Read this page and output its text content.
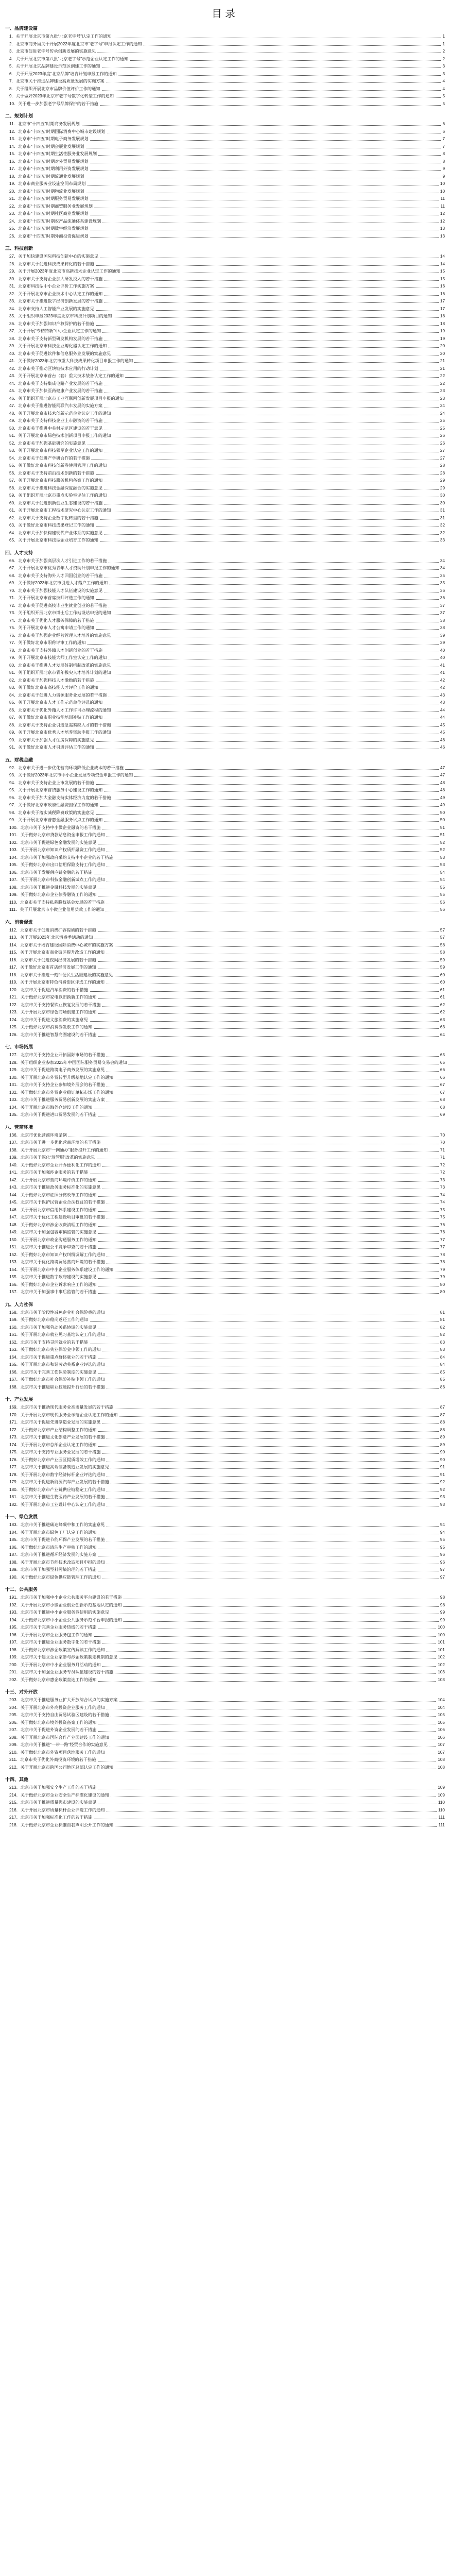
目录
一、品牌建设篇
1．关于开展北京市第九批“北京老字号”认定工作的通知	1
2．北京市商务局关于开展2022年度北京市“老字号”申报认定工作的通知	1
3．北京市促进老字号传承创新发展的实施意见	2
4．关于开展北京市第八批“北京老字号”示范企业认定工作的通知	2
5．关于开展北京品牌建设示范区创建工作的通知	3
6．关于开展2023年度“北京品牌”培育计划申报工作的通知	3
7．北京市关于推进品牌建设高质量发展的实施方案	4
8．关于组织开展北京市品牌价值评价工作的通知	4
9．关于做好2023年北京市老字号数字化转型工作的通知	5
10．关于进一步加强老字号品牌保护的若干措施	5
二、规划计划
11．北京市“十四五”时期商务发展规划	6
12．北京市“十四五”时期国际消费中心城市建设规划	6
13．北京市“十四五”时期电子商务发展规划	7
14．北京市“十四五”时期会展业发展规划	7
15．北京市“十四五”时期生活性服务业发展规划	8
16．北京市“十四五”时期对外贸易发展规划	8
17．北京市“十四五”时期利用外资发展规划	9
18．北京市“十四五”时期流通业发展规划	9
19．北京市商业服务业设施空间布局规划	10
20．北京市“十四五”时期物流业发展规划	10
21．北京市“十四五”时期服务贸易发展规划	11
22．北京市“十四五”时期商贸服务业发展规划	11
23．北京市“十四五”时期社区商业发展规划	12
24．北京市“十四五”时期农产品流通体系建设规划	12
25．北京市“十四五”时期数字经济发展规划	13
26．北京市“十四五”时期外商投资促进规划	13
三、科技创新
27．关于加快建设国际科技创新中心的实施意见	14
28．北京市关于促进科技成果转化的若干措施	14
29．关于开展2023年度北京市高新技术企业认定工作的通知	15
30．北京市关于支持企业加大研发投入的若干措施	15
31．北京市科技型中小企业评价工作实施方案	16
32．关于开展北京市企业技术中心认定工作的通知	16
33．北京市关于推进数字经济创新发展的若干措施	17
34．北京市支持人工智能产业发展的实施意见	17
35．关于组织申报2023年度北京市科技计划项目的通知	18
36．北京市关于加强知识产权保护的若干措施	18
37．关于开展“专精特新”中小企业认定工作的通知	19
38．北京市关于支持新型研发机构发展的若干措施	19
39．关于开展北京市科技企业孵化器认定工作的通知	20
40．北京市关于促进软件和信息服务业发展的实施意见	20
41．关于做好2023年北京市重大科技成果转化项目申报工作的通知	21
42．北京市关于推动区块链技术应用的行动计划	21
43．关于开展北京市首台（套）重大技术装备认定工作的通知	22
44．北京市关于支持集成电路产业发展的若干措施	22
45．北京市关于加快医药健康产业发展的若干措施	23
46．关于组织开展北京市工业互联网创新发展项目申报的通知	23
47．北京市关于推进智能网联汽车发展的实施方案	24
48．关于开展北京市技术创新示范企业认定工作的通知	24
49．北京市关于支持科技企业上市融资的若干措施	25
50．北京市关于推进中关村示范区建设的若干意见	25
51．关于开展北京市绿色技术创新项目申报工作的通知	26
52．北京市关于加强基础研究的实施意见	26
53．关于开展北京市科技领军企业认定工作的通知	27
54．北京市关于促进产学研合作的若干措施	27
55．关于做好北京市科技创新券使用管理工作的通知	28
56．北京市关于支持前沿技术创新的若干措施	28
57．关于开展北京市科技服务机构备案工作的通知	29
58．北京市关于推进科技金融深度融合的实施意见	29
59．关于组织开展北京市重点实验室评估工作的通知	30
60．北京市关于促进创新创业生态建设的若干措施	30
61．关于开展北京市工程技术研究中心认定工作的通知	31
62．北京市关于支持企业数字化转型的若干措施	31
63．关于做好北京市科技成果登记工作的通知	32
64．北京市关于加快构建现代产业体系的实施意见	32
65．关于开展北京市科技型企业培育工作的通知	33
四、人才支持
66．北京市关于加强高层次人才引进工作的若干措施	34
67．关于开展北京市优秀青年人才资助计划申报工作的通知	34
68．北京市关于支持海外人才回国创业的若干措施	35
69．关于做好2023年北京市引进人才落户工作的通知	35
70．北京市关于加强技能人才队伍建设的实施意见	36
71．关于开展北京市首席技师评选工作的通知	36
72．北京市关于促进高校毕业生就业创业的若干措施	37
73．关于组织开展北京市博士后工作站设站申报的通知	37
74．北京市关于优化人才服务保障的若干措施	38
75．关于开展北京市人才公寓申请工作的通知	38
76．北京市关于加强企业经营管理人才培养的实施意见	39
77．关于做好北京市职称评审工作的通知	39
78．北京市关于支持外籍人才创新创业的若干措施	40
79．关于开展北京市技能大师工作室认定工作的通知	40
80．北京市关于推进人才发展体制机制改革的实施意见	41
81．关于组织开展北京市青年拔尖人才培养计划的通知	41
82．北京市关于加强科技人才激励的若干措施	42
83．关于做好北京市高技能人才评价工作的通知	42
84．北京市关于促进人力资源服务业发展的若干措施	43
85．关于开展北京市人才工作示范单位评选的通知	43
86．北京市关于优化外籍人才工作许可办理流程的通知	44
87．关于做好北京市职业技能培训补贴工作的通知	44
88．北京市关于支持企业引进急需紧缺人才的若干措施	45
89．关于开展北京市优秀人才培养资助申报工作的通知	45
90．北京市关于加强人才住房保障的实施意见	46
91．关于做好北京市人才引进评估工作的通知	46
五、财税金融
92．北京市关于进一步优化营商环境降低企业成本的若干措施	47
93．关于做好2023年北京市中小企业发展专项资金申报工作的通知	47
94．北京市关于支持企业上市发展的若干措施	48
95．关于开展北京市首贷服务中心建设工作的通知	48
96．北京市关于加大金融支持实体经济力度的若干措施	49
97．关于做好北京市政府性融资担保工作的通知	49
98．北京市关于落实减税降费政策的实施意见	50
99．关于开展北京市普惠金融服务试点工作的通知	50
100．北京市关于支持中小微企业融资的若干措施	51
101．关于做好北京市贷款贴息资金申报工作的通知	51
102．北京市关于促进绿色金融发展的实施意见	52
103．关于开展北京市知识产权质押融资工作的通知	52
104．北京市关于加强政府采购支持中小企业的若干措施	53
105．关于做好北京市出口信用保险支持工作的通知	53
106．北京市关于发展供应链金融的若干措施	54
107．关于开展北京市科技金融创新试点工作的通知	54
108．北京市关于推进金融科技发展的实施意见	55
109．关于做好北京市企业债券融资工作的通知	55
110．北京市关于支持私募股权基金发展的若干措施	56
111．关于开展北京市小微企业信用贷款工作的通知	56
六、消费促进
112．北京市关于促进消费扩容提质的若干措施	57
113．关于开展2023年北京消费季活动的通知	57
114．北京市关于培育建设国际消费中心城市的实施方案	58
115．关于开展北京市商业街区提升改造工作的通知	58
116．北京市关于促进夜间经济发展的若干措施	59
117．关于做好北京市首店经济发展工作的通知	59
118．北京市关于推进一刻钟便民生活圈建设的实施意见	60
119．关于开展北京市特色消费街区评选工作的通知	60
120．北京市关于促进汽车消费的若干措施	61
121．关于做好北京市家电以旧换新工作的通知	61
122．北京市关于支持餐饮业恢复发展的若干措施	62
123．关于开展北京市绿色商场创建工作的通知	62
124．北京市关于促进文旅消费的实施意见	63
125．关于做好北京市消费券发放工作的通知	63
126．北京市关于推进智慧商圈建设的若干措施	64
七、市场拓展
127．北京市关于支持企业开拓国际市场的若干措施	65
128．关于组织企业参加2023年中国国际服务贸易交易会的通知	65
129．北京市关于促进跨境电子商务发展的实施意见	66
130．关于开展北京市外贸转型升级基地认定工作的通知	66
131．北京市关于支持企业参加境外展会的若干措施	67
132．关于做好北京市外贸企业稳订单拓市场工作的通知	67
133．北京市关于推进服务贸易创新发展的实施方案	68
134．关于开展北京市海外仓建设工作的通知	68
135．北京市关于促进进口贸易发展的若干措施	69
八、营商环境
136．北京市优化营商环境条例	70
137．北京市关于进一步优化营商环境的若干措施	70
138．关于开展北京市“一网通办”服务提升工作的通知	71
139．北京市关于深化“放管服”改革的实施意见	71
140．关于做好北京市企业开办便利化工作的通知	72
141．北京市关于加强涉企服务的若干措施	72
142．关于开展北京市营商环境评价工作的通知	73
143．北京市关于推进政务服务标准化的实施意见	73
144．关于做好北京市证照分离改革工作的通知	74
145．北京市关于保护民营企业合法权益的若干措施	74
146．关于开展北京市信用体系建设工作的通知	75
147．北京市关于优化工程建设项目审批的若干措施	75
148．关于做好北京市涉企收费清理工作的通知	76
149．北京市关于加强包容审慎监管的实施意见	76
150．关于开展北京市政企沟通服务工作的通知	77
151．北京市关于推进公平竞争审查的若干措施	77
152．关于做好北京市知识产权纠纷调解工作的通知	78
153．北京市关于优化跨境贸易营商环境的若干措施	78
154．关于开展北京市中小企业服务体系建设工作的通知	79
155．北京市关于推进数字政府建设的实施意见	79
156．关于做好北京市企业诉求响应工作的通知	80
157．北京市关于加强事中事后监管的若干措施	80
九、人力社保
158．北京市关于阶段性减免企业社会保险费的通知	81
159．关于做好北京市稳岗返还工作的通知	81
160．北京市关于加强劳动关系协调的实施意见	82
161．关于开展北京市就业见习基地认定工作的通知	82
162．北京市关于支持灵活就业的若干措施	83
163．关于做好北京市失业保险金申领工作的通知	83
164．北京市关于促进重点群体就业的若干措施	84
165．关于开展北京市和谐劳动关系企业评选的通知	84
166．北京市关于完善工伤保险制度的实施意见	85
167．关于做好北京市社会保险补贴申领工作的通知	85
168．北京市关于推进职业技能提升行动的若干措施	86
十、产业发展
169．北京市关于推动现代服务业高质量发展的若干措施	87
170．关于开展北京市现代服务业示范企业认定工作的通知	87
171．北京市关于促进先进制造业发展的实施意见	88
172．关于做好北京市产业结构调整工作的通知	88
173．北京市关于推进文化创意产业发展的若干措施	89
174．关于开展北京市总部企业认定工作的通知	89
175．北京市关于支持专业服务业发展的若干措施	90
176．关于做好北京市产业园区提质增效工作的通知	90
177．北京市关于推进高端装备制造业发展的实施意见	91
178．关于开展北京市数字经济标杆企业评选的通知	91
179．北京市关于促进新能源汽车产业发展的若干措施	92
180．关于做好北京市产业链供应链稳定工作的通知	92
181．北京市关于推进生物医药产业发展的若干措施	93
182．关于开展北京市工业设计中心认定工作的通知	93
十一、绿色发展
183．北京市关于推进碳达峰碳中和工作的实施意见	94
184．关于开展北京市绿色工厂认定工作的通知	94
185．北京市关于促进节能环保产业发展的若干措施	95
186．关于做好北京市清洁生产审核工作的通知	95
187．北京市关于推进循环经济发展的实施方案	96
188．关于开展北京市节能技术改造项目申报的通知	96
189．北京市关于加强塑料污染治理的若干措施	97
190．关于做好北京市绿色供应链管理工作的通知	97
十二、公共服务
191．北京市关于加强中小企业公共服务平台建设的若干措施	98
192．关于开展北京市小微企业创业创新示范基地认定的通知	98
193．北京市关于推进中小企业服务券使用的实施意见	99
194．关于做好北京市中小企业公共服务示范平台申报的通知	99
195．北京市关于完善企业服务热线的若干措施	100
196．关于开展北京市企业服务包工作的通知	100
197．北京市关于推进企业服务数字化的若干措施	101
198．关于做好北京市涉企政策宣传解读工作的通知	101
199．北京市关于建立企业家参与涉企政策制定机制的意见	102
200．关于开展北京市中小企业服务月活动的通知	102
201．北京市关于加强企业服务专员队伍建设的若干措施	103
202．关于做好北京市惠企政策直达工作的通知	103
十三、对外开放
203．北京市关于推进服务业扩大开放综合试点的实施方案	104
204．关于开展北京市外商投资企业服务工作的通知	104
205．北京市关于支持自由贸易试验区建设的若干措施	105
206．关于做好北京市境外投资备案工作的通知	105
207．北京市关于促进外资企业发展的若干措施	106
208．关于开展北京市国际合作产业园建设工作的通知	106
209．北京市关于推进“一带一路”经贸合作的实施意见	107
210．关于做好北京市外资项目落地服务工作的通知	107
211．北京市关于优化外商投资环境的若干措施	108
212．关于开展北京市跨国公司地区总部认定工作的通知	108
十四、其他
213．北京市关于加强安全生产工作的若干措施	109
214．关于做好北京市企业安全生产标准化建设的通知	109
215．北京市关于推进质量强市建设的实施意见	110
216．关于开展北京市质量标杆企业评选工作的通知	110
217．北京市关于加强标准化工作的若干措施	111
218．关于做好北京市企业标准自我声明公开工作的通知	111
